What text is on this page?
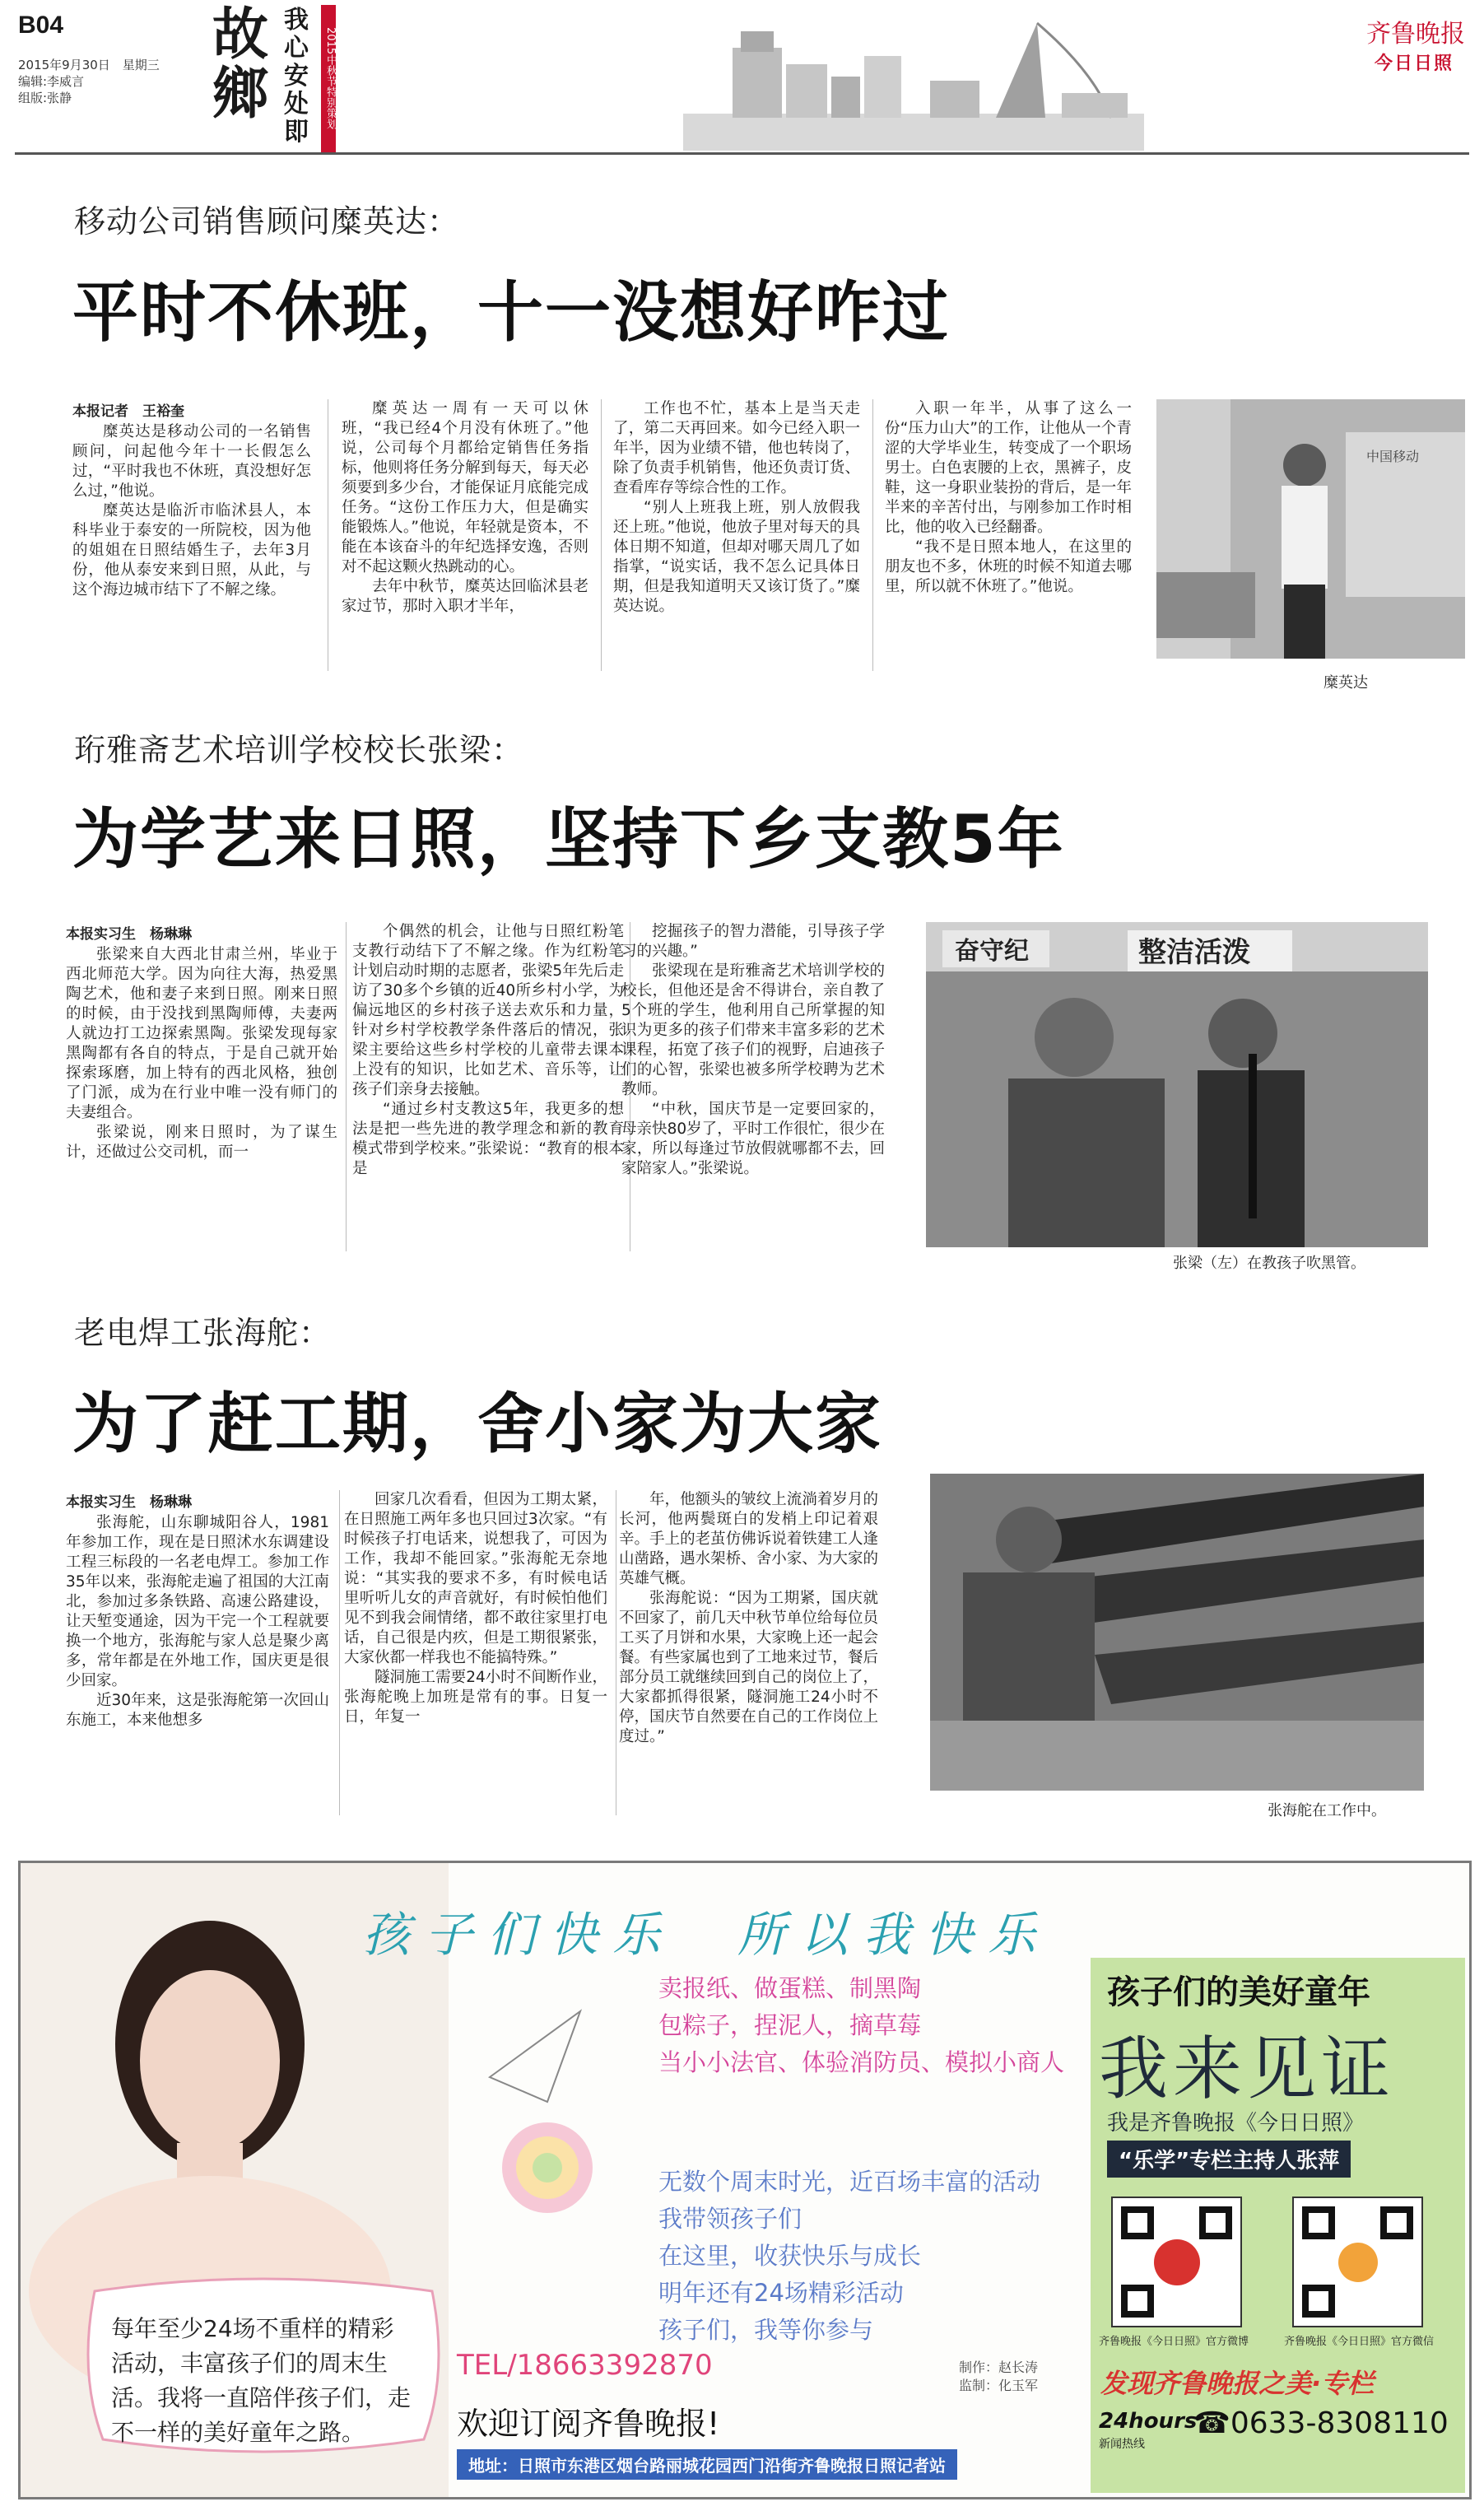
B04
2015年9月30日　星期三
编辑:李威言
组版:张静
故鄉
我心安处即
2015中秋节特别策划	齐鲁晚报
今日日照
移动公司销售顾问糜英达：
平时不休班，十一没想好咋过
本报记者　王裕奎

糜英达是移动公司的一名销售顾问，问起他今年十一长假怎么过，“平时我也不休班，真没想好怎么过，”他说。

糜英达是临沂市临沭县人，本科毕业于泰安的一所院校，因为他的姐姐在日照结婚生子，去年3月份，他从泰安来到日照，从此，与这个海边城市结下了不解之缘。

糜英达一周有一天可以休班，“我已经4个月没有休班了。”他说，公司每个月都给定销售任务指标，他则将任务分解到每天，每天必须要到多少台，才能保证月底能完成任务。“这份工作压力大，但是确实能锻炼人。”他说，年轻就是资本，不能在本该奋斗的年纪选择安逸，否则对不起这颗火热跳动的心。

去年中秋节，糜英达回临沭县老家过节，那时入职才半年，

工作也不忙，基本上是当天走了，第二天再回来。如今已经入职一年半，因为业绩不错，他也转岗了，除了负责手机销售，他还负责订货、查看库存等综合性的工作。

“别人上班我上班，别人放假我还上班。”他说，他放子里对每天的具体日期不知道，但却对哪天周几了如指掌，“说实话，我不怎么记具体日期，但是我知道明天又该订货了。”糜英达说。

入职一年半，从事了这么一份“压力山大”的工作，让他从一个青涩的大学毕业生，转变成了一个职场男士。白色衷腰的上衣，黑裤子，皮鞋，这一身职业装扮的背后，是一年半来的辛苦付出，与刚参加工作时相比，他的收入已经翻番。

“我不是日照本地人，在这里的朋友也不多，休班的时候不知道去哪里，所以就不休班了。”他说。

中国移动
糜英达
珩雅斋艺术培训学校校长张梁：
为学艺来日照，坚持下乡支教5年
本报实习生　杨琳琳

张梁来自大西北甘肃兰州，毕业于西北师范大学。因为向往大海，热爱黑陶艺术，他和妻子来到日照。刚来日照的时候，由于没找到黑陶师傅，夫妻两人就边打工边探索黑陶。张梁发现每家黑陶都有各自的特点，于是自己就开始探索琢磨，加上特有的西北风格，独创了门派，成为在行业中唯一没有师门的夫妻组合。

张梁说，刚来日照时，为了谋生计，还做过公交司机，而一

个偶然的机会，让他与日照红粉笔支教行动结下了不解之缘。作为红粉笔计划启动时期的志愿者，张梁5年先后走访了30多个乡镇的近40所乡村小学，为偏远地区的乡村孩子送去欢乐和力量，针对乡村学校教学条件落后的情况，张梁主要给这些乡村学校的儿童带去课本上没有的知识，比如艺术、音乐等，让孩子们亲身去接触。

“通过乡村支教这5年，我更多的想法是把一些先进的教学理念和新的教育模式带到学校来。”张梁说：“教育的根本是

挖掘孩子的智力潜能，引导孩子学习的兴趣。”

张梁现在是珩雅斋艺术培训学校的校长，但他还是舍不得讲台，亲自教了5个班的学生，他利用自己所掌握的知识为更多的孩子们带来丰富多彩的艺术课程，拓宽了孩子们的视野，启迪孩子们的心智，张梁也被多所学校聘为艺术教师。

“中秋，国庆节是一定要回家的，母亲快80岁了，平时工作很忙，很少在家，所以每逢过节放假就哪都不去，回家陪家人。”张梁说。

奋守纪	整洁活泼
张梁（左）在教孩子吹黑管。
老电焊工张海舵：
为了赶工期，舍小家为大家
本报实习生　杨琳琳

张海舵，山东聊城阳谷人，1981年参加工作，现在是日照沭水东调建设工程三标段的一名老电焊工。参加工作35年以来，张海舵走遍了祖国的大江南北，参加过多条铁路、高速公路建设，让天堑变通途，因为干完一个工程就要换一个地方，张海舵与家人总是聚少离多，常年都是在外地工作，国庆更是很少回家。

近30年来，这是张海舵第一次回山东施工，本来他想多

回家几次看看，但因为工期太紧，在日照施工两年多也只回过3次家。“有时候孩子打电话来，说想我了，可因为工作，我却不能回家。”张海舵无奈地说：“其实我的要求不多，有时候电话里听听儿女的声音就好，有时候怕他们见不到我会闹情绪，都不敢往家里打电话，自己很是内疚，但是工期很紧张，大家伙都一样我也不能搞特殊。”

隧洞施工需要24小时不间断作业，张海舵晚上加班是常有的事。日复一日，年复一

年，他额头的皱纹上流淌着岁月的长河，他两鬓斑白的发梢上印记着艰辛。手上的老茧仿佛诉说着铁建工人逢山凿路，遇水架桥、舍小家、为大家的英雄气概。

张海舵说：“因为工期紧，国庆就不回家了，前几天中秋节单位给每位员工买了月饼和水果，大家晚上还一起会餐。有些家属也到了工地来过节，餐后部分员工就继续回到自己的岗位上了，大家都抓得很紧，隧洞施工24小时不停，国庆节自然要在自己的工作岗位上度过。”

张海舵在工作中。
每年至少24场不重样的精彩活动，丰富孩子们的周末生活。我将一直陪伴孩子们，走不一样的美好童年之路。
孩子们快乐　所以我快乐
卖报纸、做蛋糕、制黑陶
包粽子，捏泥人，摘草莓
当小小法官、体验消防员、模拟小商人
无数个周末时光，近百场丰富的活动
我带领孩子们
在这里，收获快乐与成长
明年还有24场精彩活动
孩子们，我等你参与
TEL/18663392870
欢迎订阅齐鲁晚报!
地址：日照市东港区烟台路丽城花园西门沿街齐鲁晚报日照记者站
制作：赵长涛
监制：化玉军
孩子们的美好童年
我来见证
我是齐鲁晚报《今日日照》
“乐学”专栏主持人张萍
齐鲁晚报《今日日照》官方微博	齐鲁晚报《今日日照》官方微信
发现齐鲁晚报之美·专栏
24hours
新闻热线
☎0633-8308110
